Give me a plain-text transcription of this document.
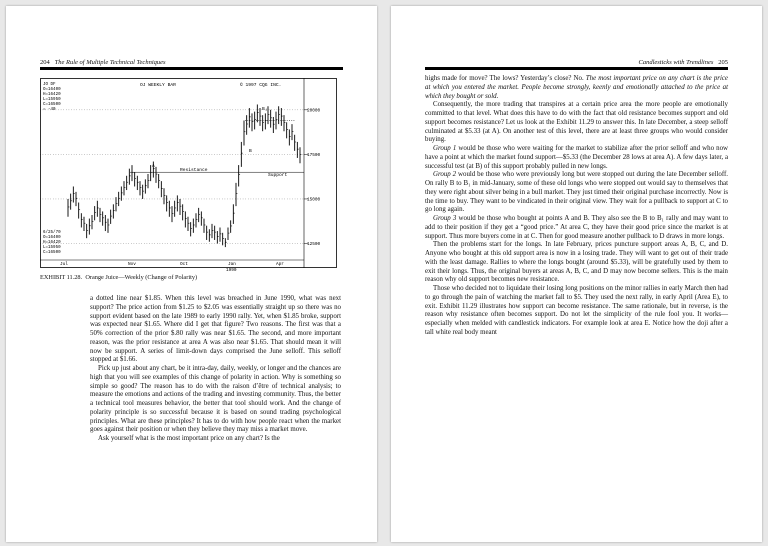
204 The Rule of Multiple Technical Techniques
OJ WEEKLY BAR	© 1997 CQG INC.
JO DF
O=16400
H=16420
L=15950
C=16500
= -40
6/25/70
O=16400
H=16420
L=15950
C=16500
20000
17500
15000
12500
Jul	Nov	Oct	Jan	Apr
1990
Resistance
Support
A
B
B₁
EXHIBIT 11.28. Orange Juice—Weekly (Change of Polarity)

a dotted line near $1.85. When this level was breached in June 1990, what was next support? The price action from $1.25 to $2.05 was essentially straight up so there was no support evident based on the late 1989 to early 1990 rally. Yet, when $1.85 broke, support was expected near $1.65. Where did I get that figure? Two reasons. The first was that a 50% correction of the prior $.80 rally was near $1.65. The second, and more important reason, was the prior resistance at area A was also near $1.65. That should mean it will now be support. A series of limit-down days comprised the June selloff. This selloff stopped at $1.66.

Pick up just about any chart, be it intra-day, daily, weekly, or longer and the chances are high that you will see examples of this change of polarity in action. Why is something so simple so good? The reason has to do with the raison d’être of technical analysis; to measure the emotions and actions of the trading and investing community. Thus, the better a technical tool measures behavior, the better that tool should work. And the change of polarity principle is so successful because it is based on sound trading psychological principles. What are these principles? It has to do with how people react when the market goes against their position or when they believe they may miss a market move.

Ask yourself what is the most important price on any chart? Is the

Candlesticks with Trendlines 205

highs made for move? The lows? Yesterday’s close? No. The most important price on any chart is the price at which you entered the market. People become strongly, keenly and emotionally attached to the price at which they bought or sold.

Consequently, the more trading that transpires at a certain price area the more people are emotionally committed to that level. What does this have to do with the fact that old resistance becomes support and old support becomes resistance? Let us look at the Exhibit 11.29 to answer this. In late December, a steep selloff culminated at $5.33 (at A). On another test of this level, there are at least three groups who would consider buying.

Group 1 would be those who were waiting for the market to stabilize after the prior selloff and who now have a point at which the market found support—$5.33 (the December 28 lows at area A). A few days later, a successful test (at B) of this support probably pulled in new longs.

Group 2 would be those who were previously long but were stopped out during the late December selloff. On rally B to B₁ in mid-January, some of these old longs who were stopped out would say to themselves that they were right about silver being in a bull market. They just timed their original purchase incorrectly. Now is the time to buy. They want to be vindicated in their original view. They wait for a pullback to support at C to go long again.

Group 3 would be those who bought at points A and B. They also see the B to B₁ rally and may want to add to their position if they get a “good price.” At area C, they have their good price since the market is at support. Thus more buyers come in at C. Then for good measure another pullback to D draws in more longs.

Then the problems start for the longs. In late February, prices puncture support areas A, B, C, and D. Anyone who bought at this old support area is now in a losing trade. They will want to get out of their trade with the least damage. Rallies to where the longs bought (around $5.33), will be gratefully used by them to exit their longs. Thus, the original buyers at areas A, B, C, and D may now become sellers. This is the main reason why old support becomes new resistance.

Those who decided not to liquidate their losing long positions on the minor rallies in early March then had to go through the pain of watching the market fall to $5. They used the next rally, in early April (Area E), to exit. Exhibit 11.29 illustrates how support can become resistance. The same rationale, but in reverse, is the reason why resistance often becomes support. Do not let the simplicity of the rule fool you. It works—especially when melded with candlestick indicators. For example look at area E. Notice how the doji after a tall white real body meant
